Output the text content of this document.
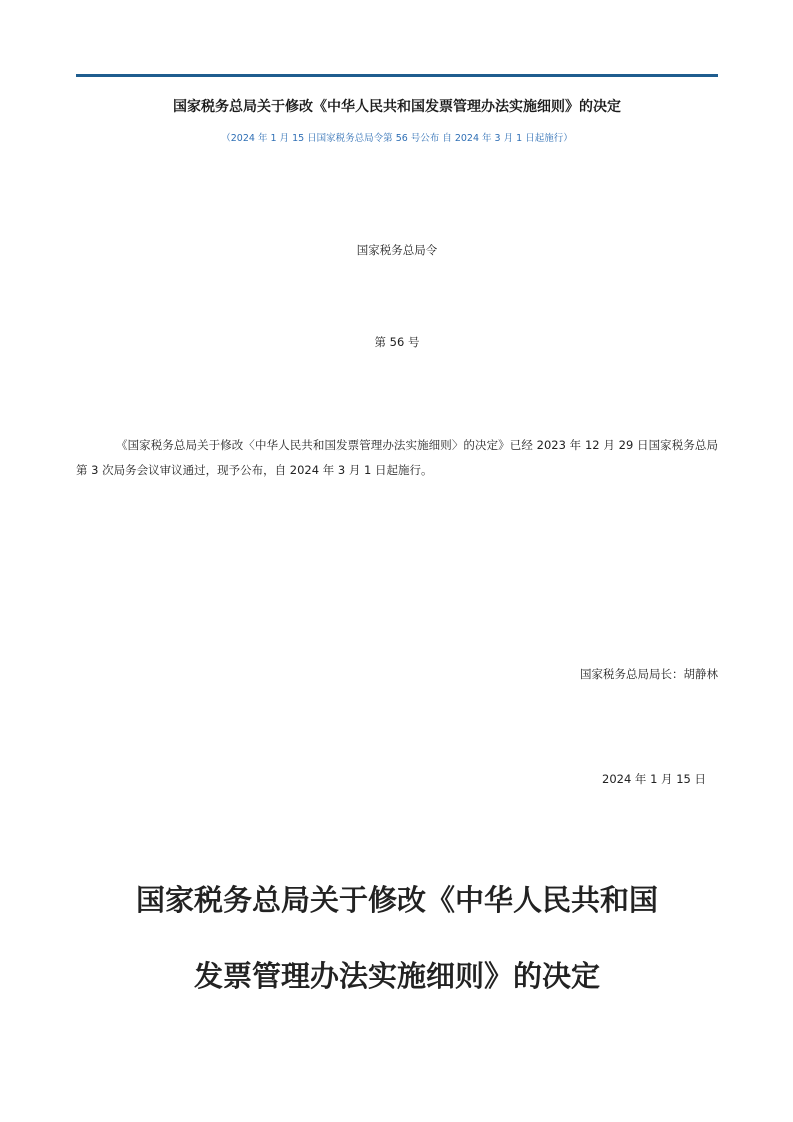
国家税务总局关于修改《中华人民共和国发票管理办法实施细则》的决定
（2024 年 1 月 15 日国家税务总局令第 56 号公布 自 2024 年 3 月 1 日起施行）
国家税务总局令
第 56 号
《国家税务总局关于修改〈中华人民共和国发票管理办法实施细则〉的决定》已经 2023 年 12 月 29 日国家税务总局第 3 次局务会议审议通过，现予公布，自 2024 年 3 月 1 日起施行。
国家税务总局局长：胡静林
2024 年 1 月 15 日
国家税务总局关于修改《中华人民共和国
发票管理办法实施细则》的决定
